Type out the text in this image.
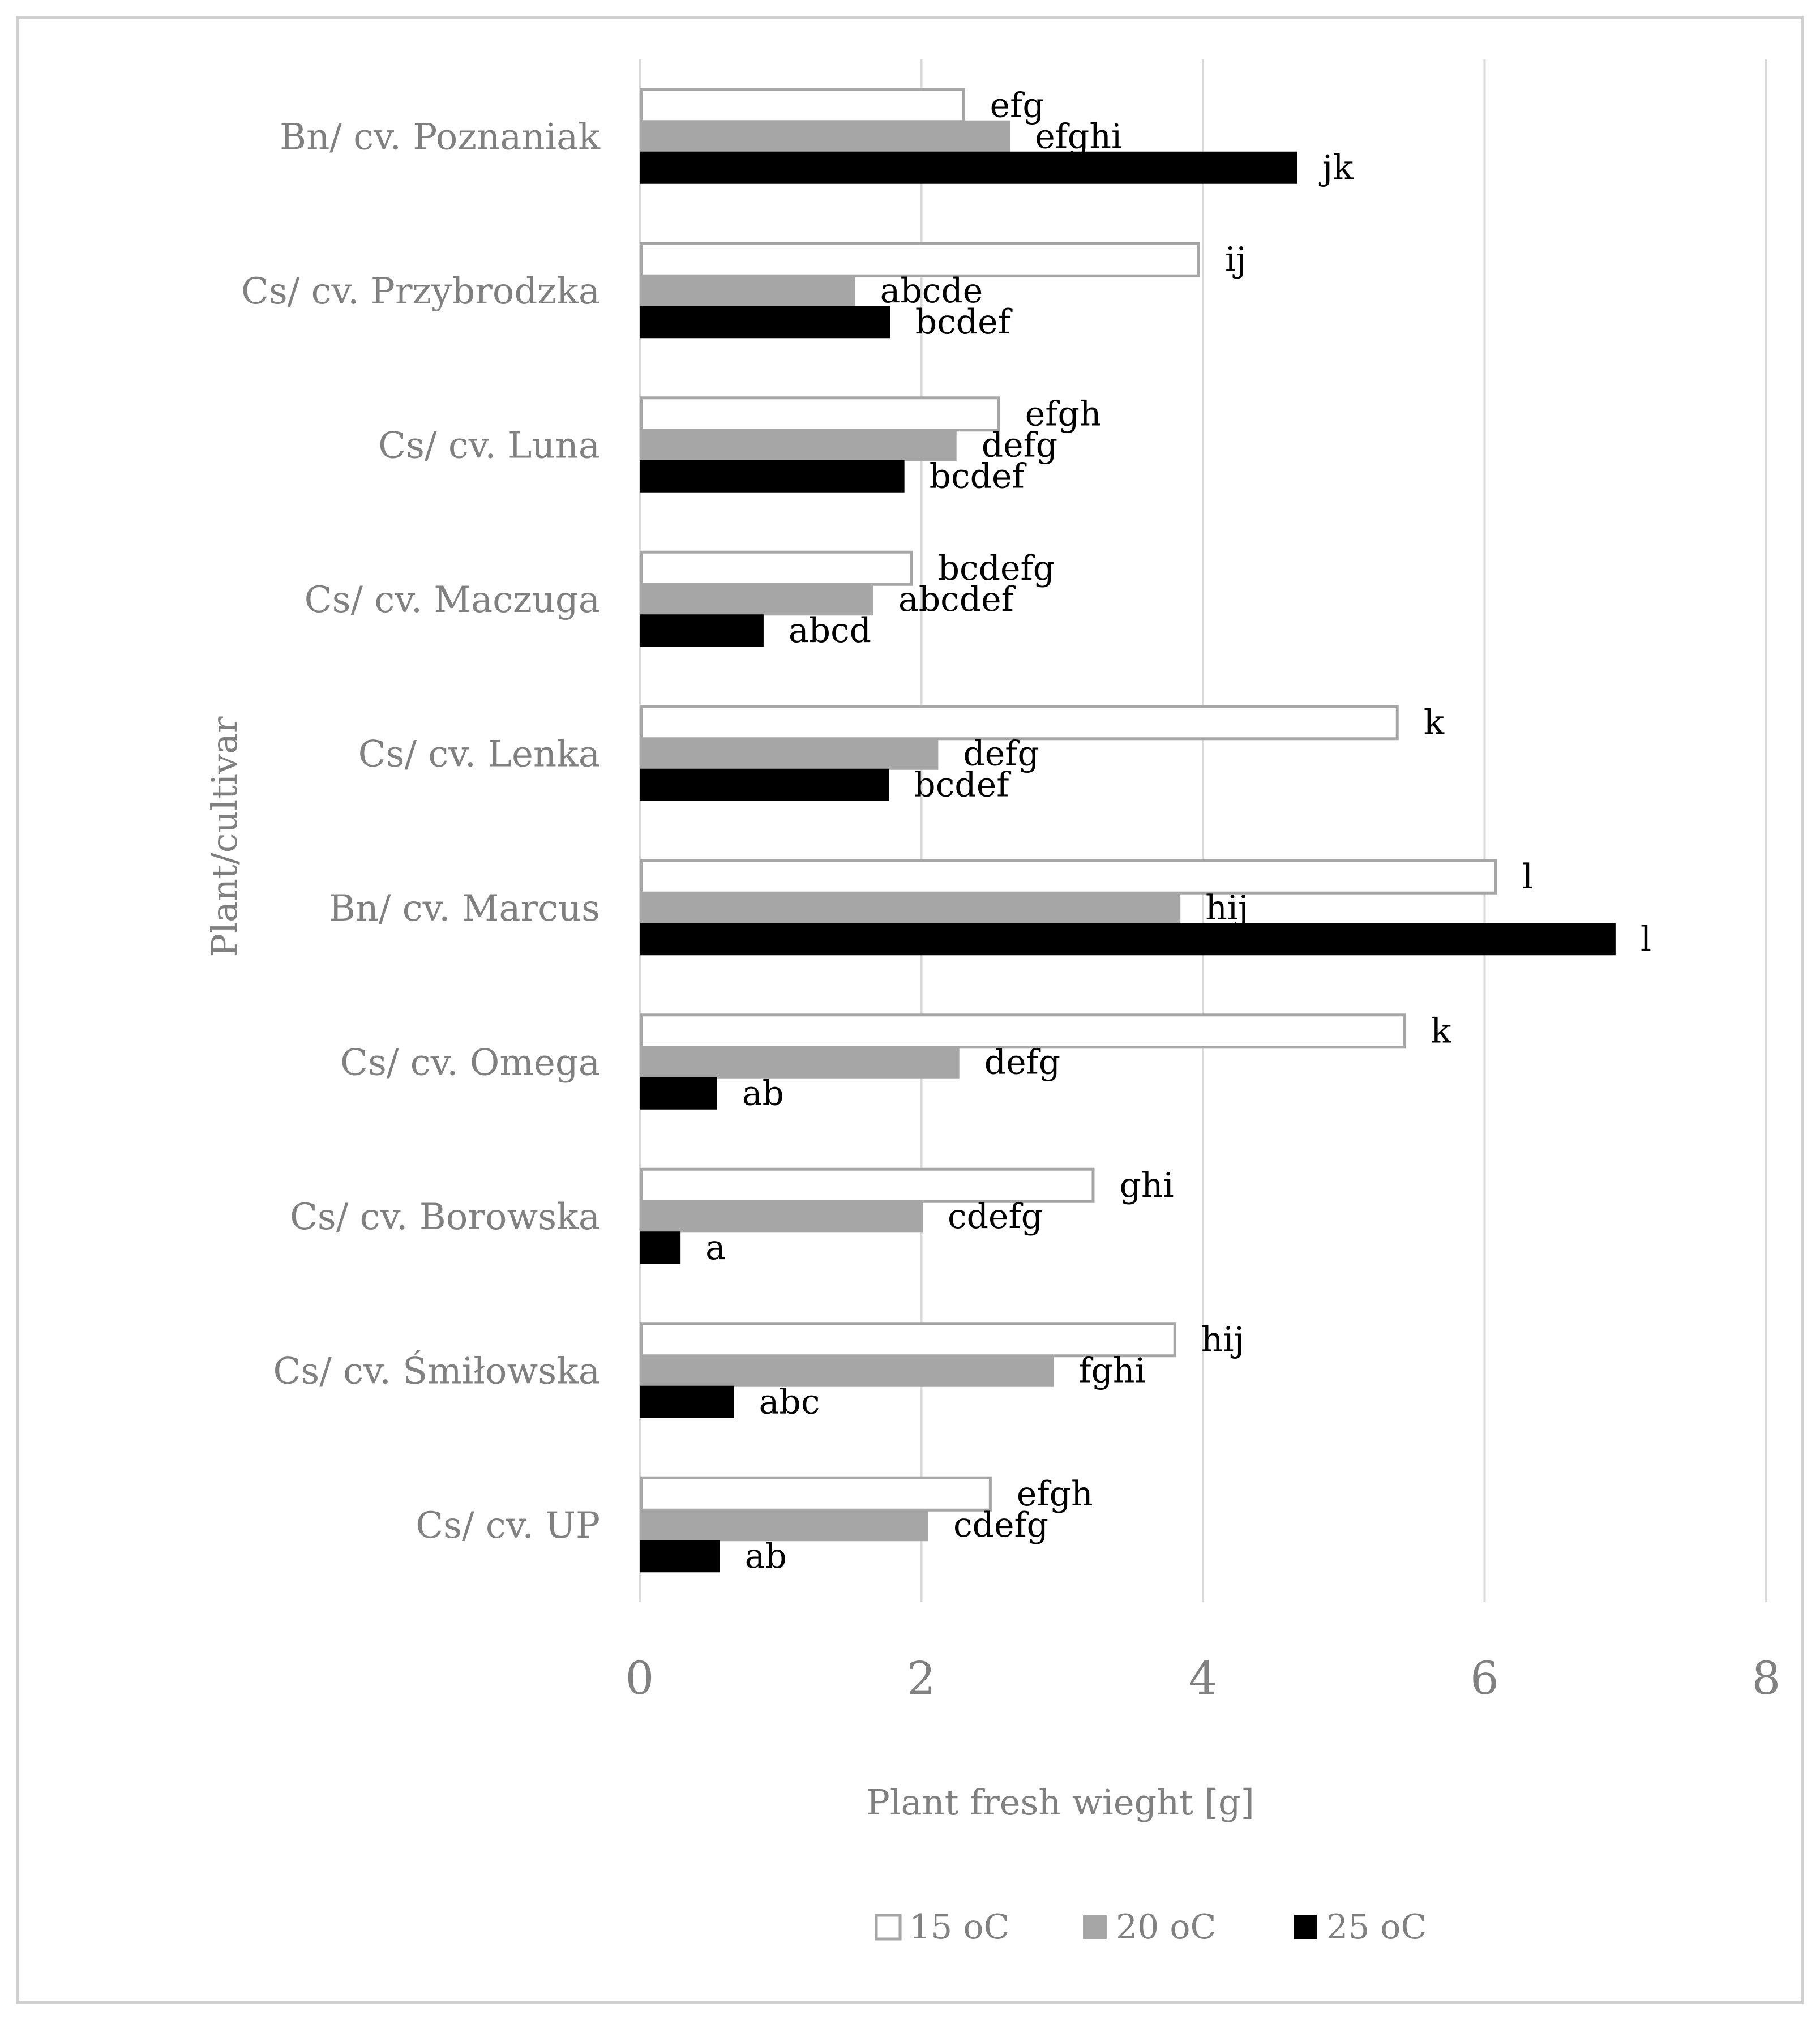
efg
efghi
jk
ij
abcde
bcdef
efgh
defg
bcdef
bcdefg
abcdef
abcd
k
defg
bcdef
l
hij
l
k
defg
ab
ghi
cdefg
a
hij
fghi
abc
efgh
cdefg
ab
Bn/ cv. Poznaniak
Cs/ cv. Przybrodzka
Cs/ cv. Luna
Cs/ cv. Maczuga
Cs/ cv. Lenka
Bn/ cv. Marcus
Cs/ cv. Omega
Cs/ cv. Borowska
Cs/ cv. Śmiłowska
Cs/ cv. UP
0	2	4	6	8
Plant fresh wieght [g]
Plant/cultivar
15 oC	20 oC	25 oC
